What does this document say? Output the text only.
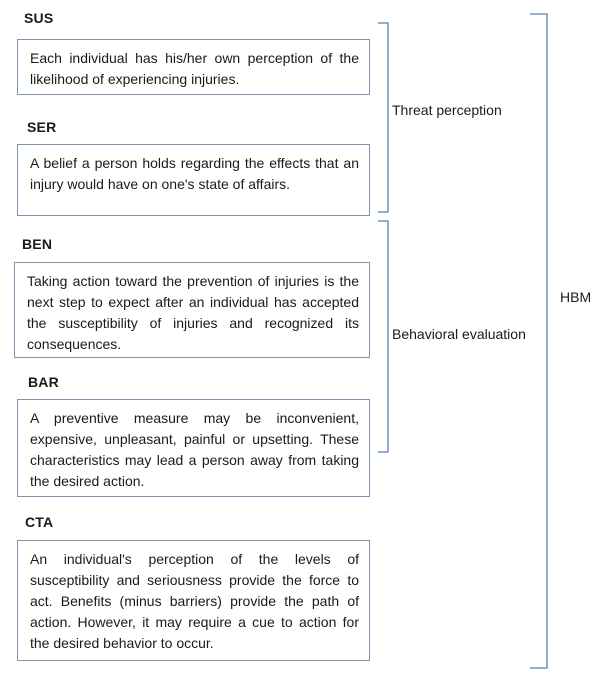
SUS
Each individual has his/her own perception of the likelihood of experiencing injuries.
SER
A belief a person holds regarding the effects that an injury would have on one's state of affairs.
BEN
Taking action toward the prevention of injuries is the next step to expect after an individual has accepted the susceptibility of injuries and recognized its consequences.
BAR
A preventive measure may be inconvenient, expensive, unpleasant, painful or upsetting. These characteristics may lead a person away from taking the desired action.
CTA
An individual's perception of the levels of susceptibility and seriousness provide the force to act. Benefits (minus barriers) provide the path of action. However, it may require a cue to action for the desired behavior to occur.
Threat perception
Behavioral evaluation
HBM
